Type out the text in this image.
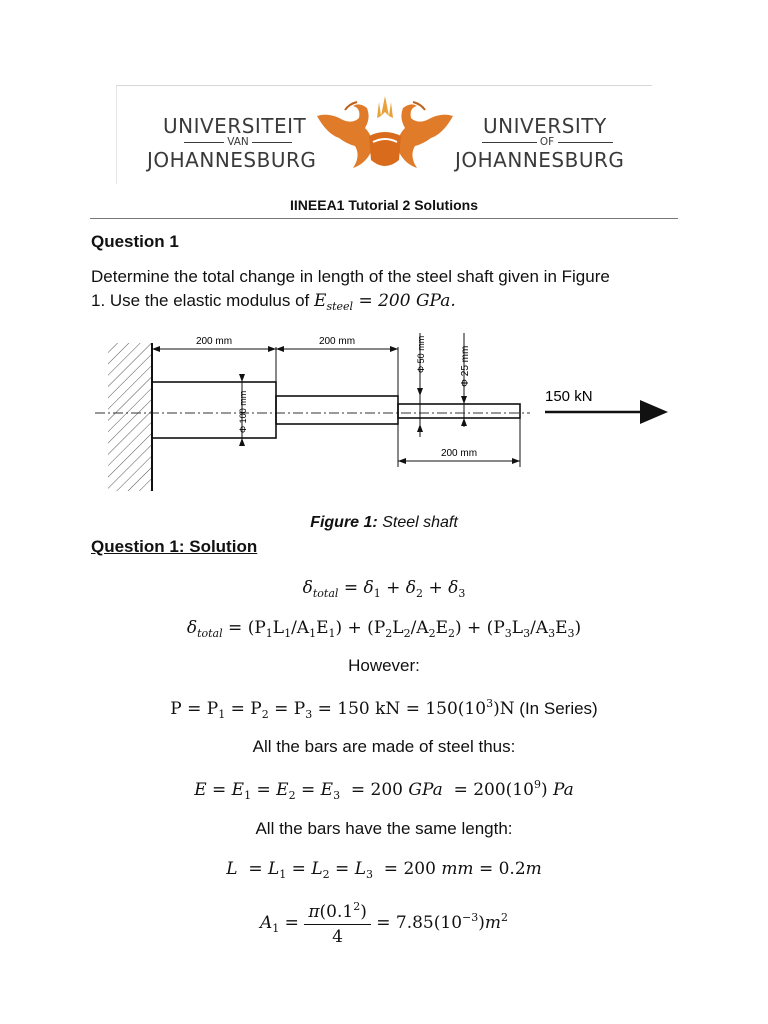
UNIVERSITEIT
VAN
JOHANNESBURG
UNIVERSITY
OF
JOHANNESBURG
IINEEA1 Tutorial 2 Solutions
Question 1
Determine the total change in length of the steel shaft given in Figure
1. Use the elastic modulus of $E_{steel} = 200$ GPa.
200 mm	200 mm
Φ 100 mm
Φ 50 mm	Φ 25 mm
200 mm
150 kN
Figure 1: Steel shaft
Question 1: Solution
$\delta_{total} = \delta_1 + \delta_2 + \delta_3$
$\delta_{total} = (P_1L_1/A_1E_1) + (P_2L_2/A_2E_2) + (P_3L_3/A_3E_3)$
However:
$P = P_1 = P_2 = P_3 = 150$ kN = $150(10^3)N$ (In Series)
All the bars are made of steel thus:
$E = E_1 = E_2 = E_3 = 200$ GPa  = $200(10^9)$ Pa
All the bars have the same length:
$L = L_1 = L_2 = L_3 = 200$ mm = 0.2m
$A_1 = \frac{\pi(0.1^2)}{4} = 7.85(10^{-3})m^2$
